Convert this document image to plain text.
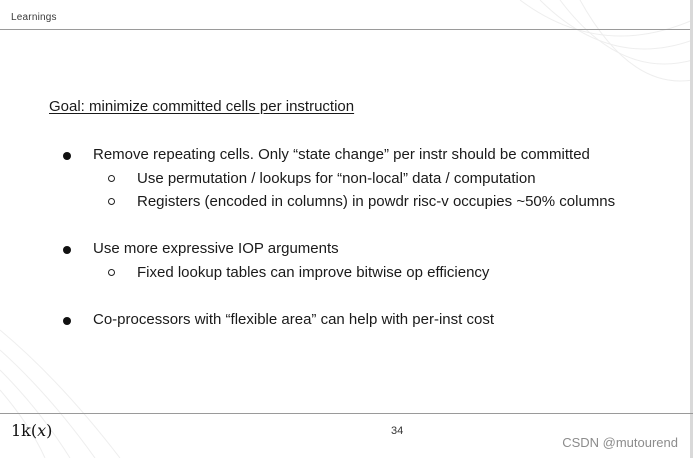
Learnings
Goal: minimize committed cells per instruction
Remove repeating cells. Only “state change” per instr should be committed
Use permutation / lookups for “non-local” data / computation
Registers (encoded in columns) in powdr risc-v occupies ~50% columns
Use more expressive IOP arguments
Fixed lookup tables can improve bitwise op efficiency
Co-processors with “flexible area” can help with per-inst cost
1k(x)	34
CSDN @mutourend
